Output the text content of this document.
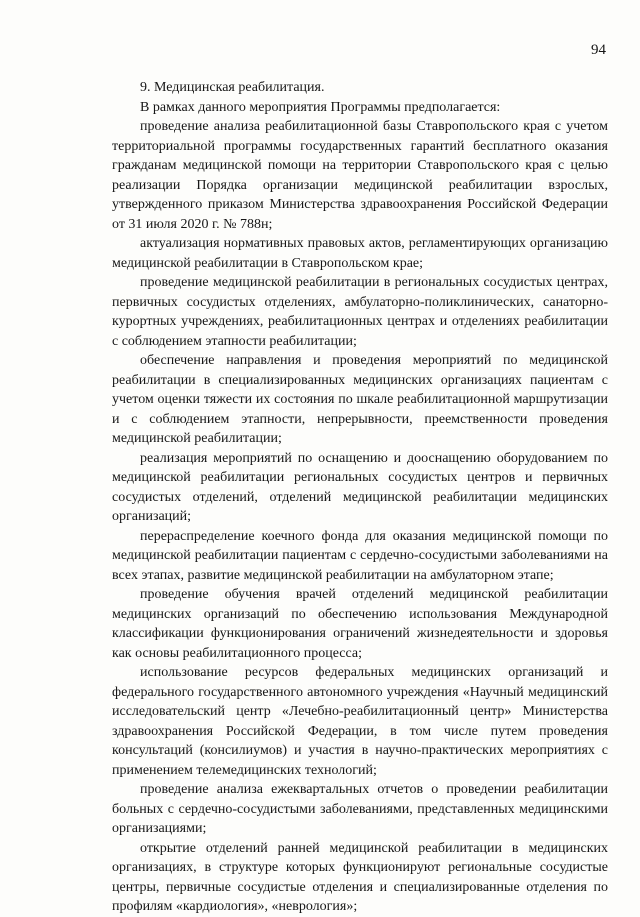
94

9. Медицинская реабилитация.

В рамках данного мероприятия Программы предполагается:

проведение анализа реабилитационной базы Ставропольского края с учетом территориальной программы государственных гарантий бесплатного оказания гражданам медицинской помощи на территории Ставропольского края с целью реализации Порядка организации медицинской реабилитации взрослых, утвержденного приказом Министерства здравоохранения Российской Федерации от 31 июля 2020 г. № 788н;

актуализация нормативных правовых актов, регламентирующих организацию медицинской реабилитации в Ставропольском крае;

проведение медицинской реабилитации в региональных сосудистых центрах, первичных сосудистых отделениях, амбулаторно-поликлинических, санаторно-курортных учреждениях, реабилитационных центрах и отделениях реабилитации с соблюдением этапности реабилитации;

обеспечение направления и проведения мероприятий по медицинской реабилитации в специализированных медицинских организациях пациентам с учетом оценки тяжести их состояния по шкале реабилитационной маршрутизации и с соблюдением этапности, непрерывности, преемственности проведения медицинской реабилитации;

реализация мероприятий по оснащению и дооснащению оборудованием по медицинской реабилитации региональных сосудистых центров и первичных сосудистых отделений, отделений медицинской реабилитации медицинских организаций;

перераспределение коечного фонда для оказания медицинской помощи по медицинской реабилитации пациентам с сердечно-сосудистыми заболеваниями на всех этапах, развитие медицинской реабилитации на амбулаторном этапе;

проведение обучения врачей отделений медицинской реабилитации медицинских организаций по обеспечению использования Международной классификации функционирования ограничений жизнедеятельности и здоровья как основы реабилитационного процесса;

использование ресурсов федеральных медицинских организаций и федерального государственного автономного учреждения «Научный медицинский исследовательский центр «Лечебно-реабилитационный центр» Министерства здравоохранения Российской Федерации, в том числе путем проведения консультаций (консилиумов) и участия в научно-практических мероприятиях с применением телемедицинских технологий;

проведение анализа ежеквартальных отчетов о проведении реабилитации больных с сердечно-сосудистыми заболеваниями, представленных медицинскими организациями;

открытие отделений ранней медицинской реабилитации в медицинских организациях, в структуре которых функционируют региональные сосудистые центры, первичные сосудистые отделения и специализированные отделения по профилям «кардиология», «неврология»;
